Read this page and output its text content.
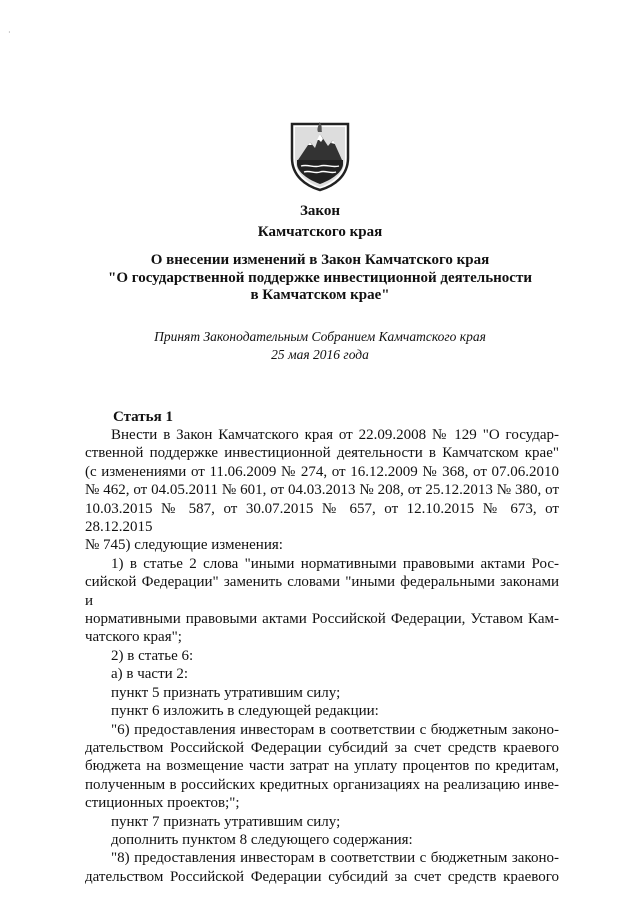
·
Закон
Камчатского края
О внесении изменений в Закон Камчатского края
"О государственной поддержке инвестиционной деятельности
в Камчатском крае"
Принят Законодательным Собранием Камчатского края
25 мая 2016 года
Статья 1

Внести в Закон Камчатского края от 22.09.2008 № 129 "О государ-

ственной поддержке инвестиционной деятельности в Камчатском крае"

(с изменениями от 11.06.2009 № 274, от 16.12.2009 № 368, от 07.06.2010

№ 462, от 04.05.2011 № 601, от 04.03.2013 № 208, от 25.12.2013 № 380, от

10.03.2015 № 587, от 30.07.2015 № 657, от 12.10.2015 № 673, от 28.12.2015

№ 745) следующие изменения:

1) в статье 2 слова "иными нормативными правовыми актами Рос-

сийской Федерации" заменить словами "иными федеральными законами и

нормативными правовыми актами Российской Федерации, Уставом Кам-

чатского края";

2) в статье 6:

а) в части 2:

пункт 5 признать утратившим силу;

пункт 6 изложить в следующей редакции:

"6) предоставления инвесторам в соответствии с бюджетным законо-

дательством Российской Федерации субсидий за счет средств краевого

бюджета на возмещение части затрат на уплату процентов по кредитам,

полученным в российских кредитных организациях на реализацию инве-

стиционных проектов;";

пункт 7 признать утратившим силу;

дополнить пунктом 8 следующего содержания:

"8) предоставления инвесторам в соответствии с бюджетным законо-

дательством Российской Федерации субсидий за счет средств краевого
